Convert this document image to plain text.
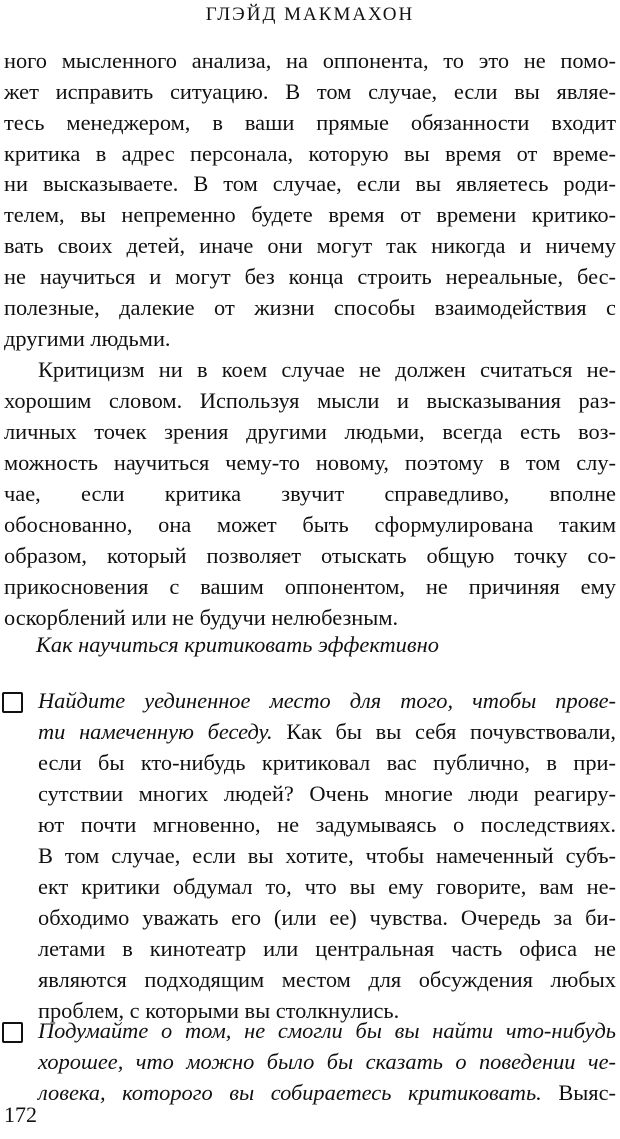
ГЛЭЙД МАКМАХОН
ного мысленного анализа, на оппонента, то это не помо-
жет исправить ситуацию. В том случае, если вы являе-
тесь менеджером, в ваши прямые обязанности входит
критика в адрес персонала, которую вы время от време-
ни высказываете. В том случае, если вы являетесь роди-
телем, вы непременно будете время от времени критико-
вать своих детей, иначе они могут так никогда и ничему
не научиться и могут без конца строить нереальные, бес-
полезные, далекие от жизни способы взаимодействия с
другими людьми.
Критицизм ни в коем случае не должен считаться не-
хорошим словом. Используя мысли и высказывания раз-
личных точек зрения другими людьми, всегда есть воз-
можность научиться чему-то новому, поэтому в том слу-
чае, если критика звучит справедливо, вполне
обоснованно, она может быть сформулирована таким
образом, который позволяет отыскать общую точку со-
прикосновения с вашим оппонентом, не причиняя ему
оскорблений или не будучи нелюбезным.
Как научиться критиковать эффективно
Найдите уединенное место для того, чтобы прове-
ти намеченную беседу. Как бы вы себя почувствовали,
если бы кто-нибудь критиковал вас публично, в при-
сутствии многих людей? Очень многие люди реагиру-
ют почти мгновенно, не задумываясь о последствиях.
В том случае, если вы хотите, чтобы намеченный субъ-
ект критики обдумал то, что вы ему говорите, вам не-
обходимо уважать его (или ее) чувства. Очередь за би-
летами в кинотеатр или центральная часть офиса не
являются подходящим местом для обсуждения любых
проблем, с которыми вы столкнулись.
Подумайте о том, не смогли бы вы найти что-нибудь
хорошее, что можно было бы сказать о поведении че-
ловека, которого вы собираетесь критиковать. Выяс-
172
